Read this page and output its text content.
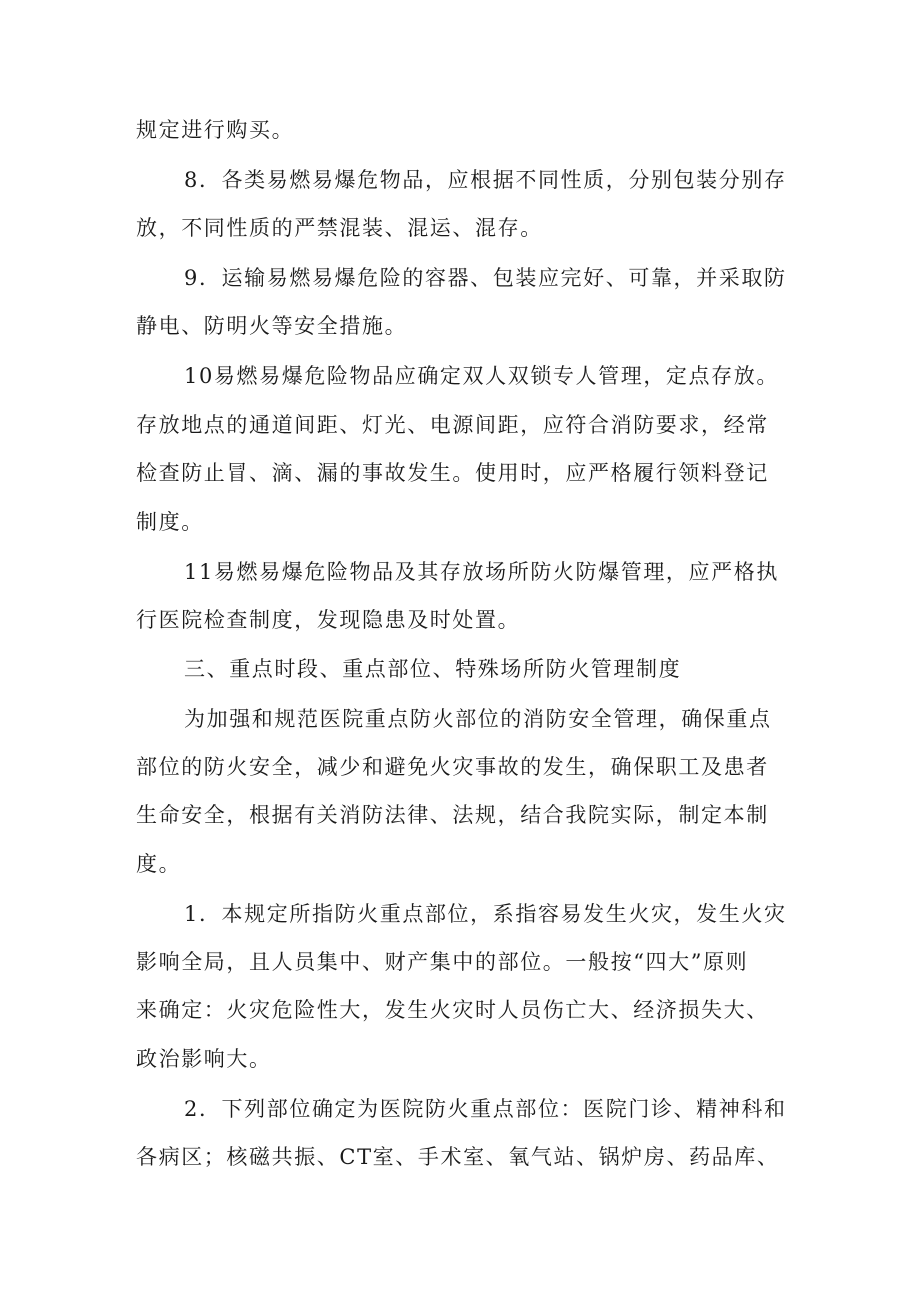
规定进行购买。
8．各类易燃易爆危物品，应根据不同性质，分别包装分别存
放，不同性质的严禁混装、混运、混存。
9．运输易燃易爆危险的容器、包装应完好、可靠，并采取防
静电、防明火等安全措施。
10易燃易爆危险物品应确定双人双锁专人管理，定点存放。
存放地点的通道间距、灯光、电源间距，应符合消防要求，经常
检查防止冒、滴、漏的事故发生。使用时，应严格履行领料登记
制度。
11易燃易爆危险物品及其存放场所防火防爆管理，应严格执
行医院检查制度，发现隐患及时处置。
三、重点时段、重点部位、特殊场所防火管理制度
为加强和规范医院重点防火部位的消防安全管理，确保重点
部位的防火安全，减少和避免火灾事故的发生，确保职工及患者
生命安全，根据有关消防法律、法规，结合我院实际，制定本制
度。
1．本规定所指防火重点部位，系指容易发生火灾，发生火灾
影响全局，且人员集中、财产集中的部位。一般按“四大”原则
来确定：火灾危险性大，发生火灾时人员伤亡大、经济损失大、
政治影响大。
2．下列部位确定为医院防火重点部位：医院门诊、精神科和
各病区；核磁共振、CT室、手术室、氧气站、锅炉房、药品库、
